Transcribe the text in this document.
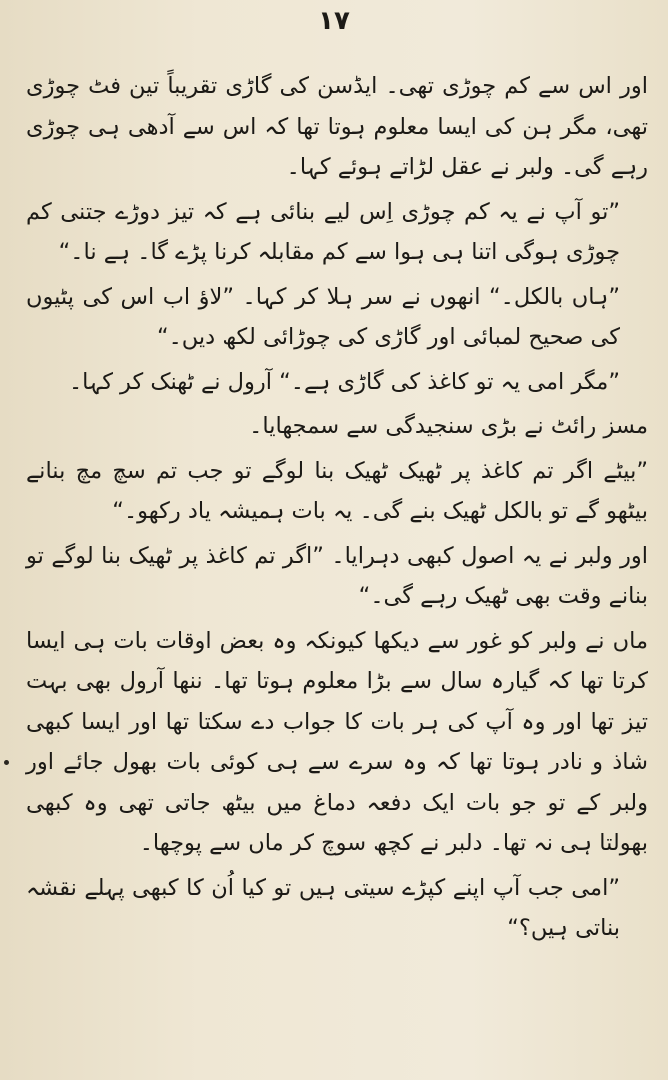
۱۷

اور اس سے کم چوڑی تھی۔ ایڈسن کی گاڑی تقریباً تین فٹ چوڑی تھی، مگر ہن کی ایسا معلوم ہوتا تھا کہ اس سے آدھی ہی چوڑی رہے گی۔ ولبر نے عقل لڑاتے ہوئے کہا۔

”تو آپ نے یہ کم چوڑی اِس لیے بنائی ہے کہ تیز دوڑے جتنی کم چوڑی ہوگی اتنا ہی ہوا سے کم مقابلہ کرنا پڑے گا۔ ہے نا۔“

”ہاں بالکل۔“ انھوں نے سر ہلا کر کہا۔ ”لاؤ اب اس کی پٹیوں کی صحیح لمبائی اور گاڑی کی چوڑائی لکھ دیں۔“

”مگر امی یہ تو کاغذ کی گاڑی ہے۔“ آرول نے ٹھنک کر کہا۔

مسز رائٹ نے بڑی سنجیدگی سے سمجھایا۔

”بیٹے اگر تم کاغذ پر ٹھیک ٹھیک بنا لوگے تو جب تم سچ مچ بنانے بیٹھو گے تو بالکل ٹھیک بنے گی۔ یہ بات ہمیشہ یاد رکھو۔“

اور ولبر نے یہ اصول کبھی دہرایا۔ ”اگر تم کاغذ پر ٹھیک بنا لوگے تو بنانے وقت بھی ٹھیک رہے گی۔“

ماں نے ولبر کو غور سے دیکھا کیونکہ وہ بعض اوقات بات ہی ایسا کرتا تھا کہ گیارہ سال سے بڑا معلوم ہوتا تھا۔ ننھا آرول بھی بہت تیز تھا اور وہ آپ کی ہر بات کا جواب دے سکتا تھا اور ایسا کبھی شاذ و نادر ہوتا تھا کہ وہ سرے سے ہی کوئی بات بھول جائے اور ولبر کے تو جو بات ایک دفعہ دماغ میں بیٹھ جاتی تھی وہ کبھی بھولتا ہی نہ تھا۔ دلبر نے کچھ سوچ کر ماں سے پوچھا۔

”امی جب آپ اپنے کپڑے سیتی ہیں تو کیا اُن کا کبھی پہلے نقشہ بناتی ہیں؟“
